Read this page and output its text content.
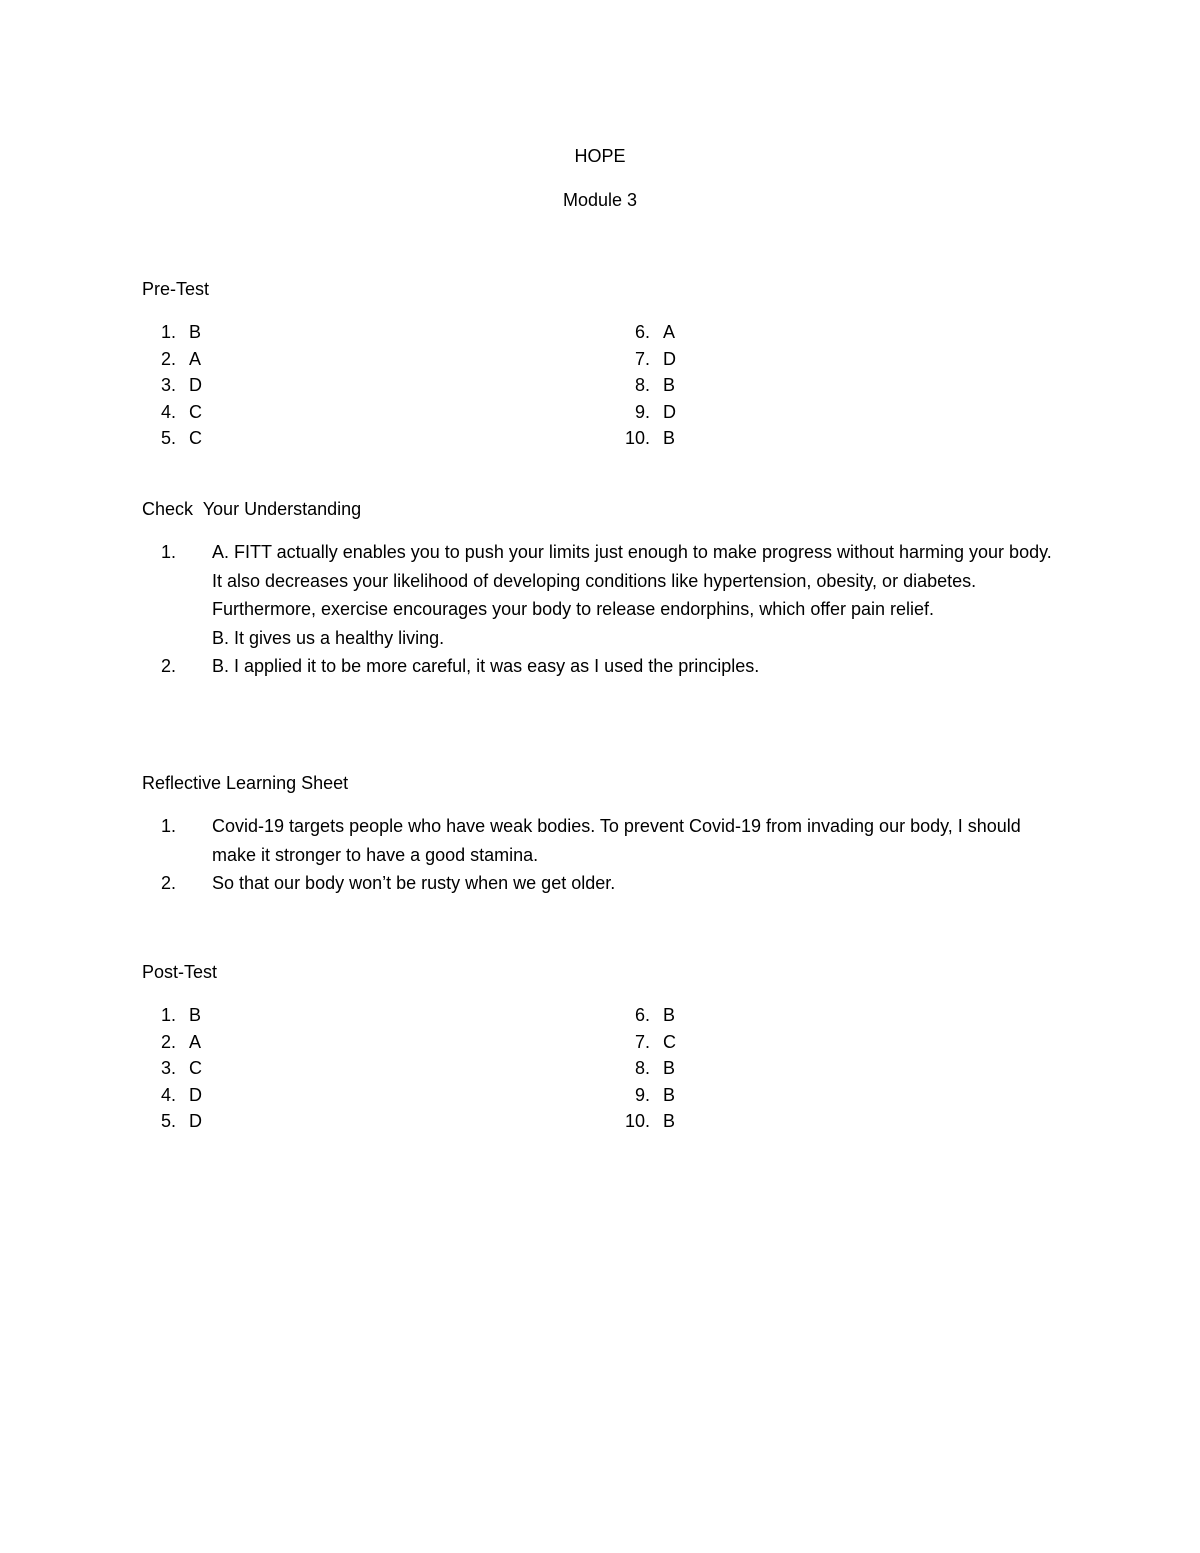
HOPE
Module 3
Pre-Test
1. B
2. A
3. D
4. C
5. C
6. A
7. D
8. B
9. D
10. B
Check  Your Understanding
1.	A. FITT actually enables you to push your limits just enough to make progress without harming your body. It also decreases your likelihood of developing conditions like hypertension, obesity, or diabetes. Furthermore, exercise encourages your body to release endorphins, which offer pain relief.

B. It gives us a healthy living.

2.	B. I applied it to be more careful, it was easy as I used the principles.

Reflective Learning Sheet
1.	Covid-19 targets people who have weak bodies. To prevent Covid-19 from invading our body, I should make it stronger to have a good stamina.

2.	So that our body won’t be rusty when we get older.

Post-Test
1. B
2. A
3. C
4. D
5. D
6. B
7. C
8. B
9. B
10. B
